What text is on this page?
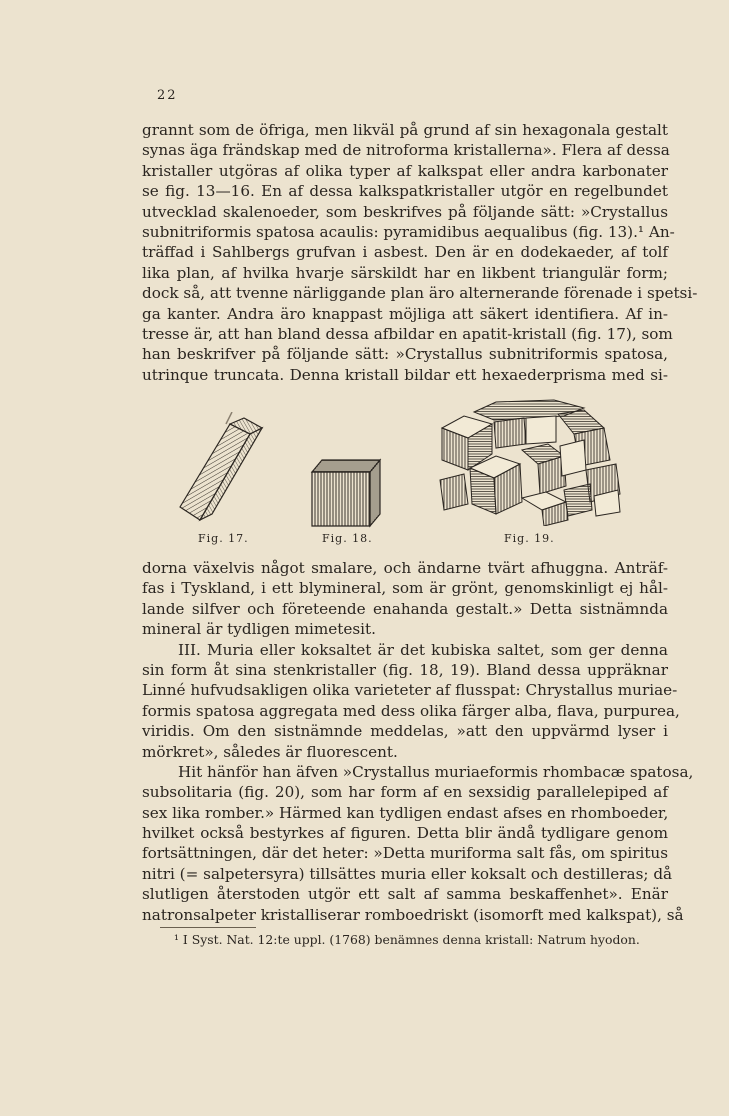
22
grannt som de öfriga, men likväl på grund af sin hexagonala gestalt
synas äga frändskap med de nitroforma kristallerna». Flera af dessa
kristaller utgöras af olika typer af kalkspat eller andra karbonater
se fig. 13—16. En af dessa kalkspatkristaller utgör en regelbundet
utvecklad skalenoeder, som beskrifves på följande sätt: »Crystallus
subnitriformis spatosa acaulis: pyramidibus aequalibus (fig. 13).¹ An-
träffad i Sahlbergs grufvan i asbest. Den är en dodekaeder, af tolf
lika plan, af hvilka hvarje särskildt har en likbent triangulär form;
dock så, att tvenne närliggande plan äro alternerande förenade i spetsi-
ga kanter. Andra äro knappast möjliga att säkert identifiera. Af in-
tresse är, att han bland dessa afbildar en apatit-kristall (fig. 17), som
han beskrifver på följande sätt: »Crystallus subnitriformis spatosa,
utrinque truncata. Denna kristall bildar ett hexaederprisma med si-
Fig. 17.	Fig. 18.	Fig. 19.
dorna växelvis något smalare, och ändarne tvärt afhuggna. Anträf-
fas i Tyskland, i ett blymineral, som är grönt, genomskinligt ej hål-
lande silfver och företeende enahanda gestalt.» Detta sistnämnda
mineral är tydligen mimetesit.
III. Muria eller koksaltet är det kubiska saltet, som ger denna
sin form åt sina stenkristaller (fig. 18, 19). Bland dessa uppräknar
Linné hufvudsakligen olika varieteter af flusspat: Chrystallus muriae-
formis spatosa aggregata med dess olika färger alba, flava, purpurea,
viridis. Om den sistnämnde meddelas, »att den uppvärmd lyser i
mörkret», således är fluorescent.
Hit hänför han äfven »Crystallus muriaeformis rhombacæ spatosa,
subsolitaria (fig. 20), som har form af en sexsidig parallelepiped af
sex lika romber.» Härmed kan tydligen endast afses en rhomboeder,
hvilket också bestyrkes af figuren. Detta blir ändå tydligare genom
fortsättningen, där det heter: »Detta muriforma salt fås, om spiritus
nitri (= salpetersyra) tillsättes muria eller koksalt och destilleras; då
slutligen återstoden utgör ett salt af samma beskaffenhet». Enär
natronsalpeter kristalliserar romboedriskt (isomorft med kalkspat), så
¹ I Syst. Nat. 12:te uppl. (1768) benämnes denna kristall: Natrum hyodon.
